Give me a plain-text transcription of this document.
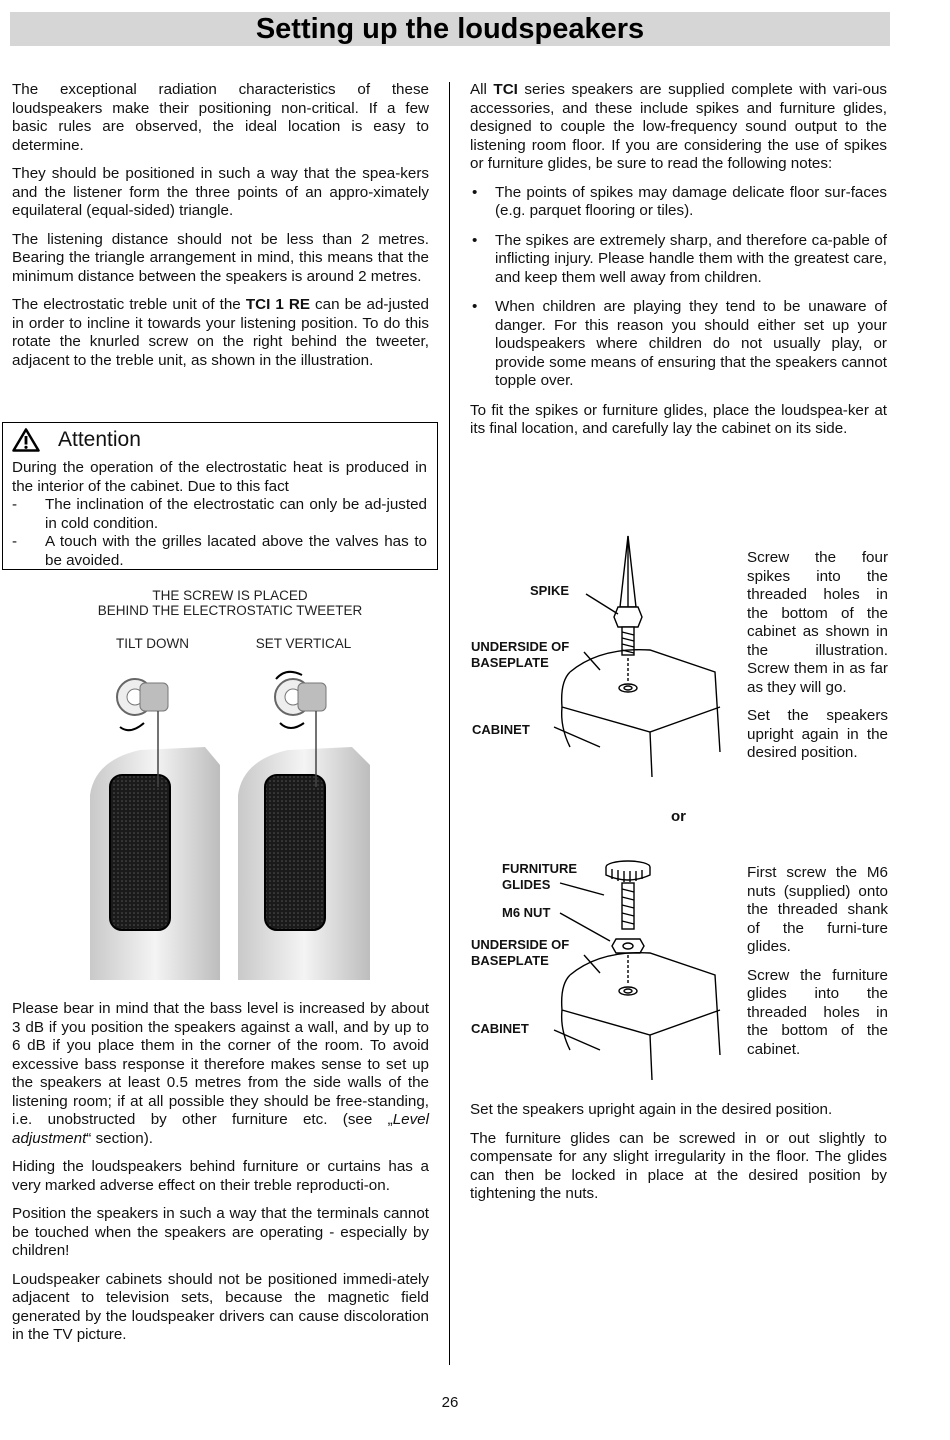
Setting up the loudspeakers

The exceptional radiation characteristics of these loudspeakers make their positioning non-critical. If a few basic rules are observed, the ideal location is easy to determine.

They should be positioned in such a way that the spea-kers and the listener form the three points of an appro-ximately equilateral (equal-sided) triangle.

The listening distance should not be less than 2 metres. Bearing the triangle arrangement in mind, this means that the minimum distance between the speakers is around 2 metres.

The electrostatic treble unit of the TCI 1 RE can be ad-justed in order to incline it towards your listening position. To do this rotate the knurled screw on the right behind the tweeter, adjacent to the treble unit, as shown in the illustration.

Attention

During the operation of the electrostatic heat is produced in the interior of the cabinet. Due to this fact

- The inclination of the electrostatic can only be ad-justed in cold condition.
- A touch with the grilles lacated above the valves has to be avoided.
THE SCREW IS PLACED
BEHIND THE ELECTROSTATIC TWEETER
TILT DOWN	SET VERTICAL

Please bear in mind that the bass level is increased by about 3 dB if you position the speakers against a wall, and by up to 6 dB if you place them in the corner of the room. To avoid excessive bass response it therefore makes sense to set up the speakers at least 0.5 metres from the side walls of the listening room; if at all possible they should be free-standing, i.e. unobstructed by other furniture etc. (see „Level adjustment“ section).

Hiding the loudspeakers behind furniture or curtains has a very marked adverse effect on their treble reproducti-on.

Position the speakers in such a way that the terminals cannot be touched when the speakers are operating - especially by children!

Loudspeaker cabinets should not be positioned immedi-ately adjacent to television sets, because the magnetic field generated by the loudspeaker drivers can cause discoloration in the TV picture.

All TCI series speakers are supplied complete with vari-ous accessories, and these include spikes and furniture glides, designed to couple the low-frequency sound output to the listening room floor. If you are considering the use of spikes or furniture glides, be sure to read the following notes:

• The points of spikes may damage delicate floor sur-faces (e.g. parquet flooring or tiles).
• The spikes are extremely sharp, and therefore ca-pable of inflicting injury. Please handle them with the greatest care, and keep them well away from children.
• When children are playing they tend to be unaware of danger. For this reason you should either set up your loudspeakers where children do not usually play, or provide some means of ensuring that the speakers cannot topple over.

To fit the spikes or furniture glides, place the loudspea-ker at its final location, and carefully lay the cabinet on its side.

SPIKE
UNDERSIDE OF
BASEPLATE
CABINET

Screw the four spikes into the threaded holes in the bottom of the cabinet as shown in the illustration. Screw them in as far as they will go.

Set the speakers upright again in the desired position.

or
FURNITURE
GLIDES
M6 NUT
UNDERSIDE OF
BASEPLATE
CABINET

First screw the M6 nuts (supplied) onto the threaded shank of the furni-ture glides.

Screw the furniture glides into the threaded holes in the bottom of the cabinet.

Set the speakers upright again in the desired position.

The furniture glides can be screwed in or out slightly to compensate for any slight irregularity in the floor. The glides can then be locked in place at the desired position by tightening the nuts.

26
